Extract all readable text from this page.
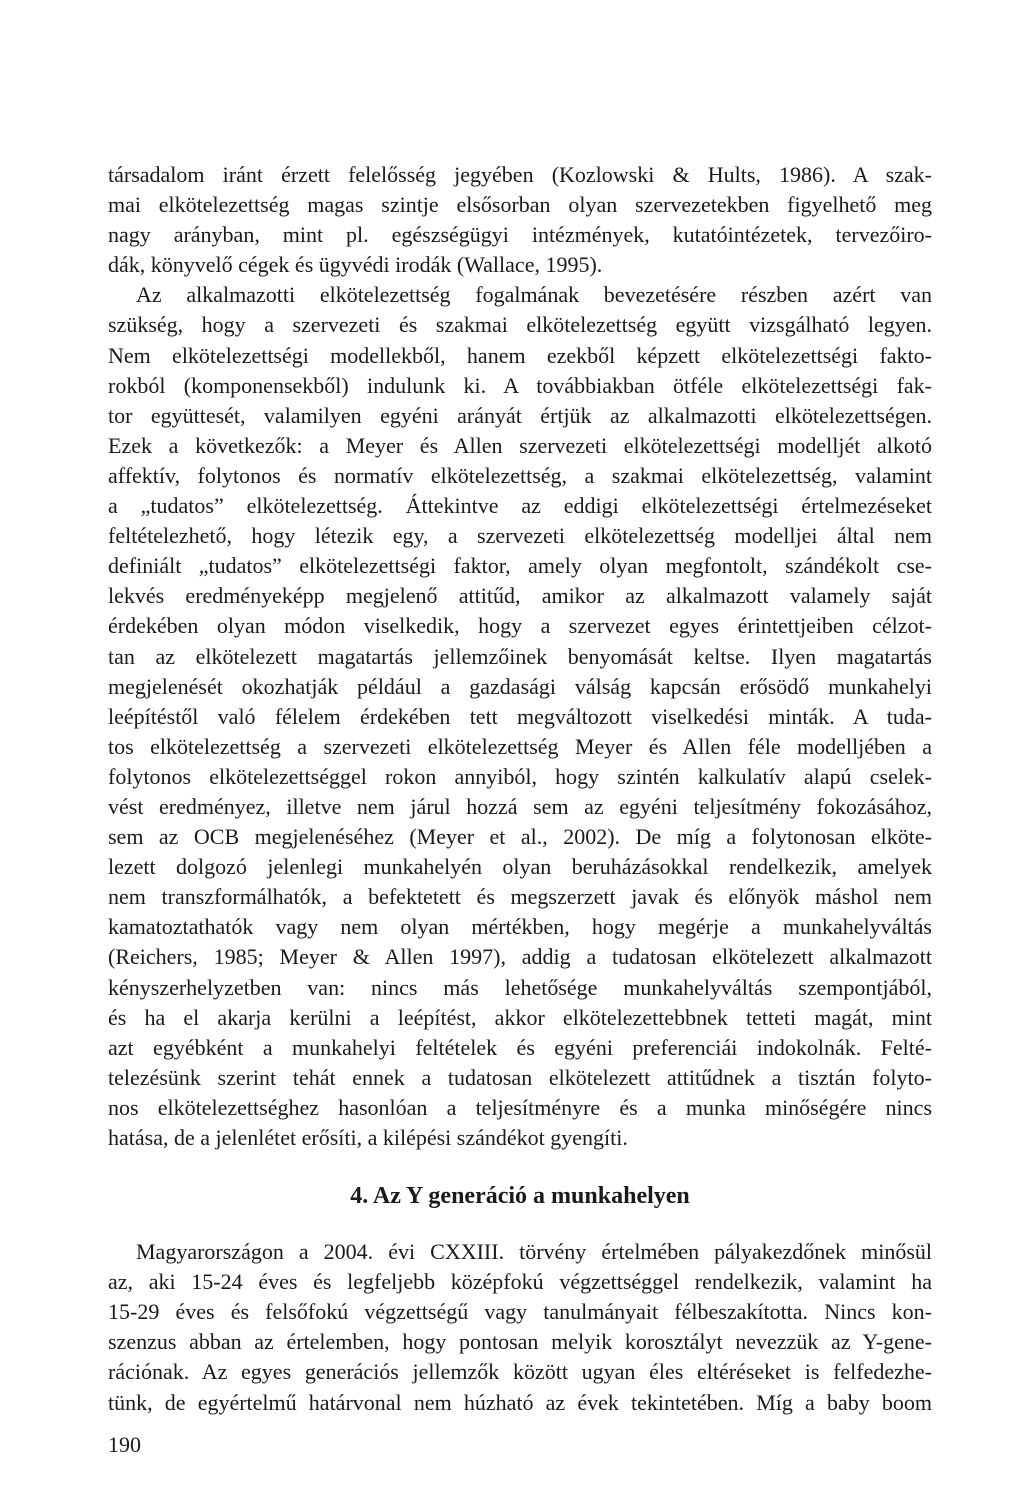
társadalom iránt érzett felelősség jegyében (Kozlowski & Hults, 1986). A szak-
mai elkötelezettség magas szintje elsősorban olyan szervezetekben figyelhető meg
nagy arányban, mint pl. egészségügyi intézmények, kutatóintézetek, tervezőiro-
dák, könyvelő cégek és ügyvédi irodák (Wallace, 1995).
Az alkalmazotti elkötelezettség fogalmának bevezetésére részben azért van
szükség, hogy a szervezeti és szakmai elkötelezettség együtt vizsgálható legyen.
Nem elkötelezettségi modellekből, hanem ezekből képzett elkötelezettségi fakto-
rokból (komponensekből) indulunk ki. A továbbiakban ötféle elkötelezettségi fak-
tor együttesét, valamilyen egyéni arányát értjük az alkalmazotti elkötelezettségen.
Ezek a következők: a Meyer és Allen szervezeti elkötelezettségi modelljét alkotó
affektív, folytonos és normatív elkötelezettség, a szakmai elkötelezettség, valamint
a „tudatos” elkötelezettség. Áttekintve az eddigi elkötelezettségi értelmezéseket
feltételezhető, hogy létezik egy, a szervezeti elkötelezettség modelljei által nem
definiált „tudatos” elkötelezettségi faktor, amely olyan megfontolt, szándékolt cse-
lekvés eredményeképp megjelenő attitűd, amikor az alkalmazott valamely saját
érdekében olyan módon viselkedik, hogy a szervezet egyes érintettjeiben célzot-
tan az elkötelezett magatartás jellemzőinek benyomását keltse. Ilyen magatartás
megjelenését okozhatják például a gazdasági válság kapcsán erősödő munkahelyi
leépítéstől való félelem érdekében tett megváltozott viselkedési minták. A tuda-
tos elkötelezettség a szervezeti elkötelezettség Meyer és Allen féle modelljében a
folytonos elkötelezettséggel rokon annyiból, hogy szintén kalkulatív alapú cselek-
vést eredményez, illetve nem járul hozzá sem az egyéni teljesítmény fokozásához,
sem az OCB megjelenéséhez (Meyer et al., 2002). De míg a folytonosan elköte-
lezett dolgozó jelenlegi munkahelyén olyan beruházásokkal rendelkezik, amelyek
nem transzformálhatók, a befektetett és megszerzett javak és előnyök máshol nem
kamatoztathatók vagy nem olyan mértékben, hogy megérje a munkahelyváltás
(Reichers, 1985; Meyer & Allen 1997), addig a tudatosan elkötelezett alkalmazott
kényszerhelyzetben van: nincs más lehetősége munkahelyváltás szempontjából,
és ha el akarja kerülni a leépítést, akkor elkötelezettebbnek tetteti magát, mint
azt egyébként a munkahelyi feltételek és egyéni preferenciái indokolnák. Felté-
telezésünk szerint tehát ennek a tudatosan elkötelezett attitűdnek a tisztán folyto-
nos elkötelezettséghez hasonlóan a teljesítményre és a munka minőségére nincs
hatása, de a jelenlétet erősíti, a kilépési szándékot gyengíti.
4. Az Y generáció a munkahelyen
Magyarországon a 2004. évi CXXIII. törvény értelmében pályakezdőnek minősül
az, aki 15-24 éves és legfeljebb középfokú végzettséggel rendelkezik, valamint ha
15-29 éves és felsőfokú végzettségű vagy tanulmányait félbeszakította. Nincs kon-
szenzus abban az értelemben, hogy pontosan melyik korosztályt nevezzük az Y-gene-
rációnak. Az egyes generációs jellemzők között ugyan éles eltéréseket is felfedezhe-
tünk, de egyértelmű határvonal nem húzható az évek tekintetében. Míg a baby boom
190
